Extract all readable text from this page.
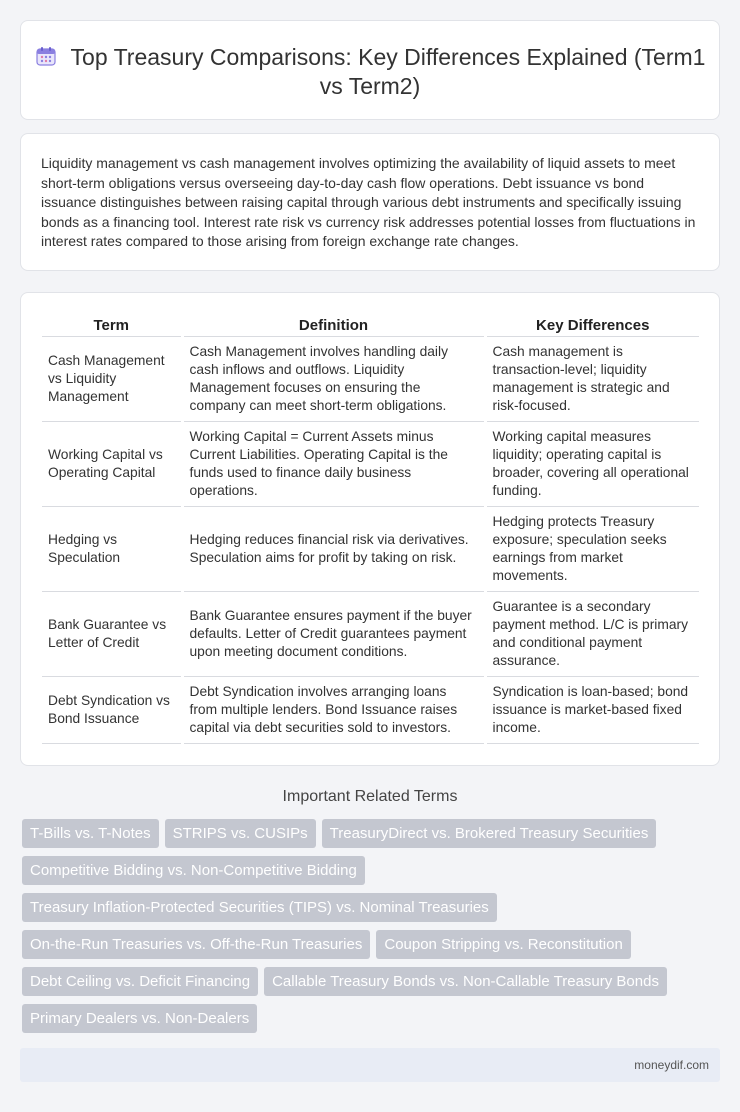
Top Treasury Comparisons: Key Differences Explained (Term1 vs Term2)

Liquidity management vs cash management involves optimizing the availability of liquid assets to meet short-term obligations versus overseeing day-to-day cash flow operations. Debt issuance vs bond issuance distinguishes between raising capital through various debt instruments and specifically issuing bonds as a financing tool. Interest rate risk vs currency risk addresses potential losses from fluctuations in interest rates compared to those arising from foreign exchange rate changes.

Term	Definition	Key Differences
Cash Management vs Liquidity Management	Cash Management involves handling daily cash inflows and outflows. Liquidity Management focuses on ensuring the company can meet short-term obligations.	Cash management is transaction-level; liquidity management is strategic and risk-focused.
Working Capital vs Operating Capital	Working Capital = Current Assets minus Current Liabilities. Operating Capital is the funds used to finance daily business operations.	Working capital measures liquidity; operating capital is broader, covering all operational funding.
Hedging vs Speculation	Hedging reduces financial risk via derivatives. Speculation aims for profit by taking on risk.	Hedging protects Treasury exposure; speculation seeks earnings from market movements.
Bank Guarantee vs Letter of Credit	Bank Guarantee ensures payment if the buyer defaults. Letter of Credit guarantees payment upon meeting document conditions.	Guarantee is a secondary payment method. L/C is primary and conditional payment assurance.
Debt Syndication vs Bond Issuance	Debt Syndication involves arranging loans from multiple lenders. Bond Issuance raises capital via debt securities sold to investors.	Syndication is loan-based; bond issuance is market-based fixed income.
Important Related Terms
T-Bills vs. T-Notes	STRIPS vs. CUSIPs	TreasuryDirect vs. Brokered Treasury Securities
Competitive Bidding vs. Non-Competitive Bidding
Treasury Inflation-Protected Securities (TIPS) vs. Nominal Treasuries
On-the-Run Treasuries vs. Off-the-Run Treasuries	Coupon Stripping vs. Reconstitution
Debt Ceiling vs. Deficit Financing	Callable Treasury Bonds vs. Non-Callable Treasury Bonds
Primary Dealers vs. Non-Dealers
moneydif.com
